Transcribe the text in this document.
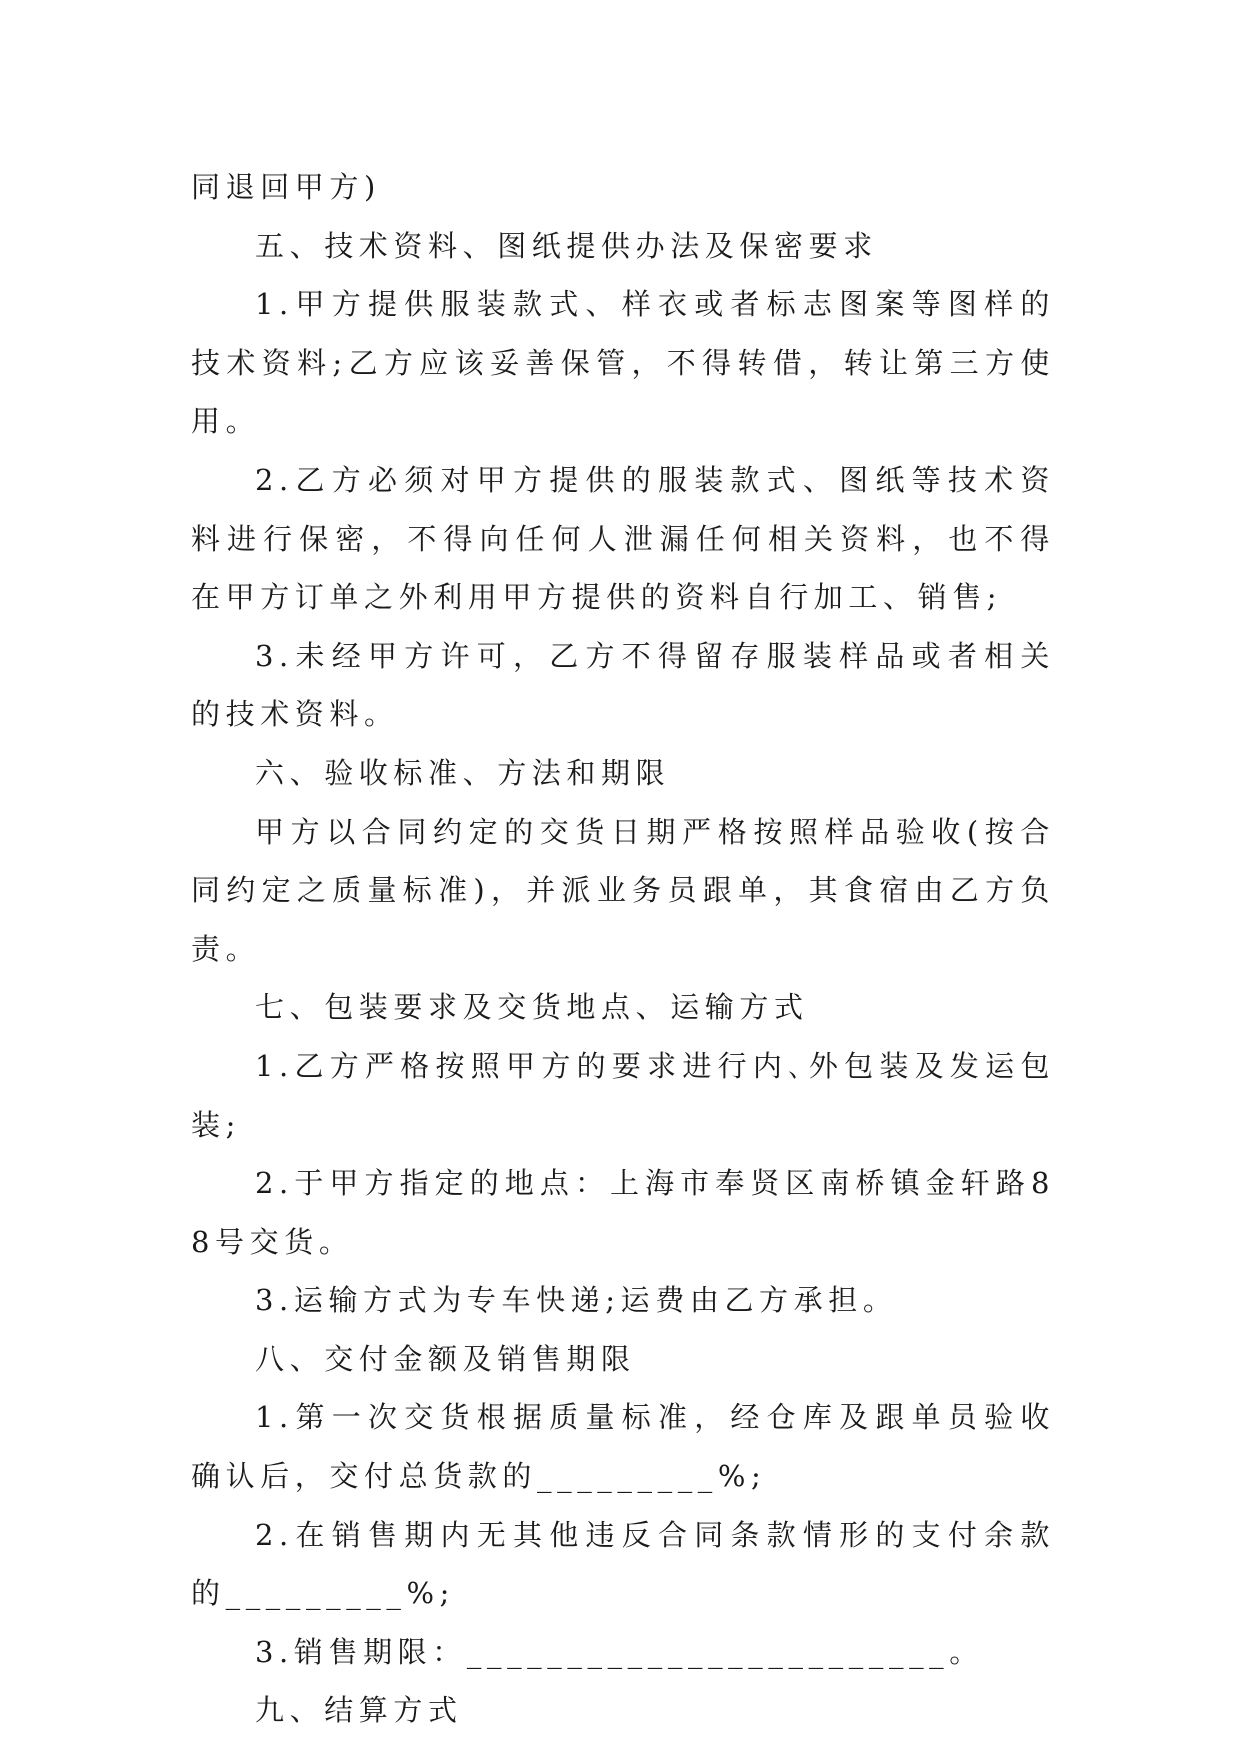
同退回甲方)

五、技术资料、图纸提供办法及保密要求

1.甲方提供服装款式、样衣或者标志图案等图样的技术资料;乙方应该妥善保管，不得转借，转让第三方使用。

2.乙方必须对甲方提供的服装款式、图纸等技术资料进行保密，不得向任何人泄漏任何相关资料，也不得在甲方订单之外利用甲方提供的资料自行加工、销售;

3.未经甲方许可，乙方不得留存服装样品或者相关的技术资料。

六、验收标准、方法和期限

甲方以合同约定的交货日期严格按照样品验收(按合同约定之质量标准)，并派业务员跟单，其食宿由乙方负责。

七、包装要求及交货地点、运输方式

1.乙方严格按照甲方的要求进行内､外包装及发运包装;

2.于甲方指定的地点：上海市奉贤区南桥镇金轩路88号交货。

3.运输方式为专车快递;运费由乙方承担。

八、交付金额及销售期限

1.第一次交货根据质量标准，经仓库及跟单员验收确认后，交付总货款的_________%;

2.在销售期内无其他违反合同条款情形的支付余款的_________%;

3.销售期限：________________________。

九、结算方式
